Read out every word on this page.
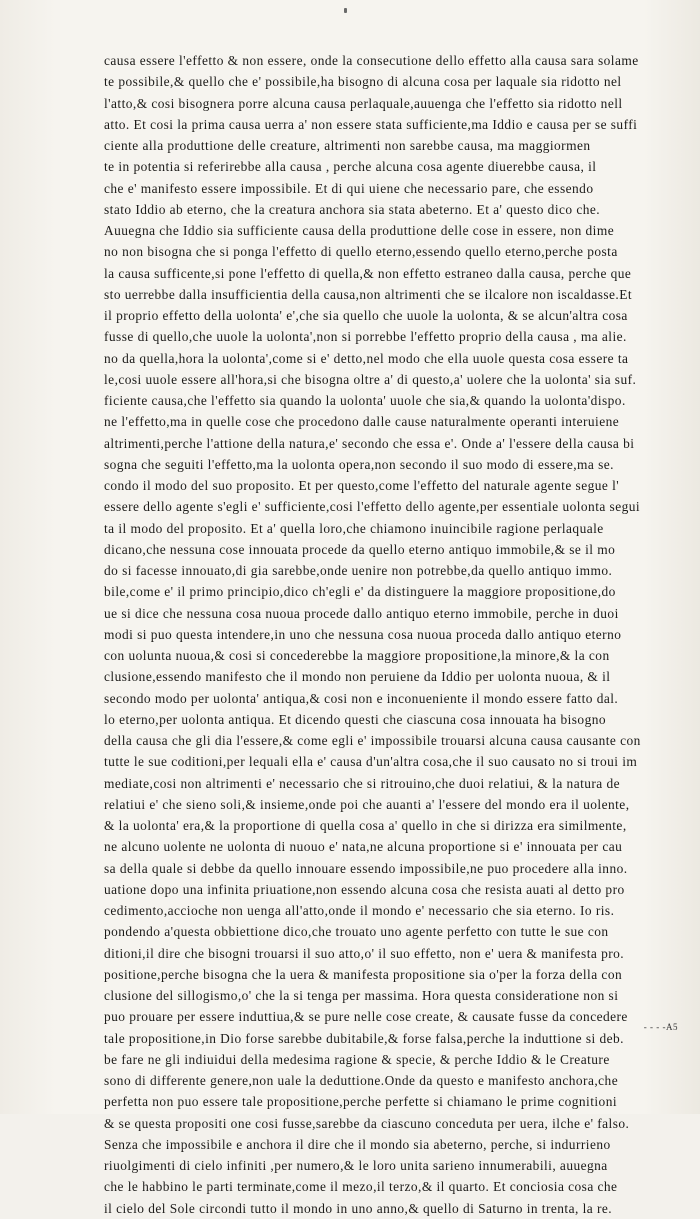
causa essere l'effetto & non essere, onde la consecutione dello effetto alla causa sara solame
te possibile,& quello che e' possibile,ha bisogno di alcuna cosa per laquale sia ridotto nel
l'atto,& cosi bisognera porre alcuna causa perlaquale,auuenga che l'effetto sia ridotto nell
atto. Et cosi la prima causa uerra a' non essere stata sufficiente,ma Iddio e causa per se suffi
ciente alla produttione delle creature, altrimenti non sarebbe causa, ma maggiormen
te in potentia si referirebbe alla causa , perche alcuna cosa agente diuerebbe causa, il
che e' manifesto essere impossibile. Et di qui uiene che necessario pare, che essendo
stato Iddio ab eterno, che la creatura anchora sia stata abeterno. Et a' questo dico che.
Auuegna che Iddio sia sufficiente causa della produttione delle cose in essere, non dime
no non bisogna che si ponga l'effetto di quello eterno,essendo quello eterno,perche posta
la causa sufficente,si pone l'effetto di quella,& non effetto estraneo dalla causa, perche que
sto uerrebbe dalla insufficientia della causa,non altrimenti che se ilcalore non iscaldasse.Et
il proprio effetto della uolonta' e',che sia quello che uuole la uolonta, & se alcun'altra cosa
fusse di quello,che uuole la uolonta',non si porrebbe l'effetto proprio della causa , ma alie.
no da quella,hora la uolonta',come si e' detto,nel modo che ella uuole questa cosa essere ta
le,cosi uuole essere all'hora,si che bisogna oltre a' di questo,a' uolere che la uolonta' sia suf.
ficiente causa,che l'effetto sia quando la uolonta' uuole che sia,& quando la uolonta'dispo.
ne l'effetto,ma in quelle cose che procedono dalle cause naturalmente operanti interuiene
altrimenti,perche l'attione della natura,e' secondo che essa e'. Onde a' l'essere della causa bi
sogna che seguiti l'effetto,ma la uolonta opera,non secondo il suo modo di essere,ma se.
condo il modo del suo proposito. Et per questo,come l'effetto del naturale agente segue l'
essere dello agente s'egli e' sufficiente,cosi l'effetto dello agente,per essentiale uolonta segui
ta il modo del proposito. Et a' quella loro,che chiamono inuincibile ragione perlaquale
dicano,che nessuna cose innouata procede da quello eterno antiquo immobile,& se il mo
do si facesse innouato,di gia sarebbe,onde uenire non potrebbe,da quello antiquo immo.
bile,come e' il primo principio,dico ch'egli e' da distinguere la maggiore propositione,do
ue si dice che nessuna cosa nuoua procede dallo antiquo eterno immobile, perche in duoi
modi si puo questa intendere,in uno che nessuna cosa nuoua proceda dallo antiquo eterno
con uolunta nuoua,& cosi si concederebbe la maggiore propositione,la minore,& la con
clusione,essendo manifesto che il mondo non peruiene da Iddio per uolonta nuoua, & il
secondo modo per uolonta' antiqua,& cosi non e inconueniente il mondo essere fatto dal.
lo eterno,per uolonta antiqua. Et dicendo questi che ciascuna cosa innouata ha bisogno
della causa che gli dia l'essere,& come egli e' impossibile trouarsi alcuna causa causante con
tutte le sue coditioni,per lequali ella e' causa d'un'altra cosa,che il suo causato no si troui im
mediate,cosi non altrimenti e' necessario che si ritrouino,che duoi relatiui, & la natura de
relatiui e' che sieno soli,& insieme,onde poi che auanti a' l'essere del mondo era il uolente,
& la uolonta' era,& la proportione di quella cosa a' quello in che si dirizza era similmente,
ne alcuno uolente ne uolonta di nuouo e' nata,ne alcuna proportione si e' innouata per cau
sa della quale si debbe da quello innouare essendo impossibile,ne puo procedere alla inno.
uatione dopo una infinita priuatione,non essendo alcuna cosa che resista auati al detto pro
cedimento,accioche non uenga all'atto,onde il mondo e' necessario che sia eterno. Io ris.
pondendo a'questa obbiettione dico,che trouato uno agente perfetto con tutte le sue con
ditioni,il dire che bisogni trouarsi il suo atto,o' il suo effetto, non e' uera & manifesta pro.
positione,perche bisogna che la uera & manifesta propositione sia o'per la forza della con
clusione del sillogismo,o' che la si tenga per massima. Hora questa consideratione non si
puo prouare per essere induttiua,& se pure nelle cose create, & causate fusse da concedere
tale propositione,in Dio forse sarebbe dubitabile,& forse falsa,perche la induttione si deb.
be fare ne gli indiuidui della medesima ragione & specie, & perche Iddio & le Creature
sono di differente genere,non uale la deduttione.Onde da questo e manifesto anchora,che
perfetta non puo essere tale propositione,perche perfette si chiamano le prime cognitioni
& se questa propositi one cosi fusse,sarebbe da ciascuno conceduta per uera, ilche e' falso.
Senza che impossibile e anchora il dire che il mondo sia abeterno, perche, si indurrieno
riuolgimenti di cielo infiniti ,per numero,& le loro unita sarieno innumerabili, auuegna
che le habbino le parti terminate,come il mezo,il terzo,& il quarto. Et conciosia cosa che
il cielo del Sole circondi tutto il mondo in uno anno,& quello di Saturno in trenta, la re.
- - - -A5
